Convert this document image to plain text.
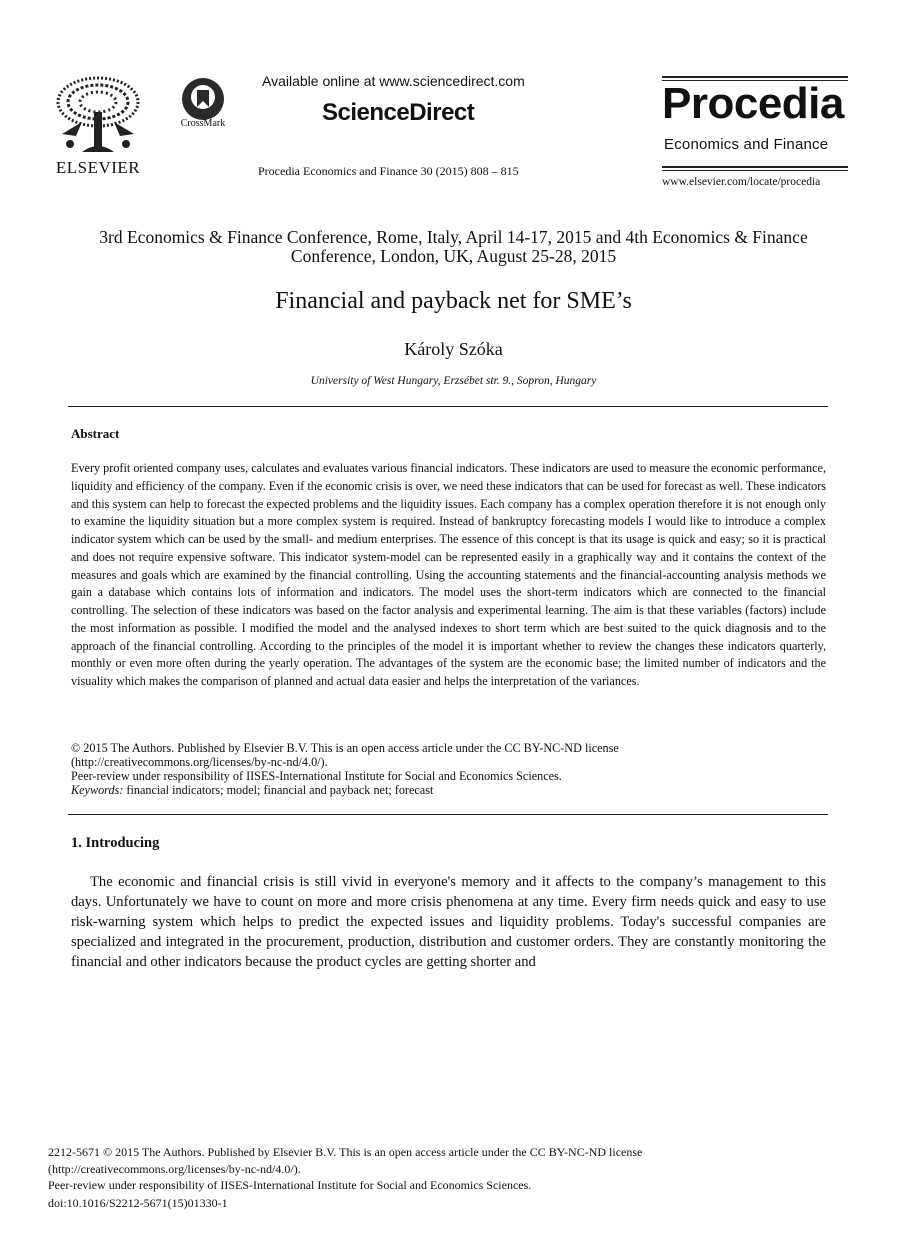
ELSEVIER
CrossMark
Available online at www.sciencedirect.com
ScienceDirect
Procedia Economics and Finance 30 (2015) 808 – 815
Procedia
Economics and Finance
www.elsevier.com/locate/procedia
3rd Economics & Finance Conference, Rome, Italy, April 14-17, 2015 and 4th Economics & Finance Conference, London, UK, August 25-28, 2015
Financial and payback net for SME’s
Károly Szóka
University of West Hungary, Erzsébet str. 9., Sopron, Hungary
Abstract
Every profit oriented company uses, calculates and evaluates various financial indicators. These indicators are used to measure the economic performance, liquidity and efficiency of the company. Even if the economic crisis is over, we need these indicators that can be used for forecast as well. These indicators and this system can help to forecast the expected problems and the liquidity issues. Each company has a complex operation therefore it is not enough only to examine the liquidity situation but a more complex system is required. Instead of bankruptcy forecasting models I would like to introduce a complex indicator system which can be used by the small- and medium enterprises. The essence of this concept is that its usage is quick and easy; so it is practical and does not require expensive software. This indicator system-model can be represented easily in a graphically way and it contains the context of the measures and goals which are examined by the financial controlling. Using the accounting statements and the financial-accounting analysis methods we gain a database which contains lots of information and indicators. The model uses the short-term indicators which are connected to the financial controlling. The selection of these indicators was based on the factor analysis and experimental learning. The aim is that these variables (factors) include the most information as possible. I modified the model and the analysed indexes to short term which are best suited to the quick diagnosis and to the approach of the financial controlling. According to the principles of the model it is important whether to review the changes these indicators quarterly, monthly or even more often during the yearly operation. The advantages of the system are the economic base; the limited number of indicators and the visuality which makes the comparison of planned and actual data easier and helps the interpretation of the variances.
© 2015 The Authors. Published by Elsevier B.V. This is an open access article under the CC BY-NC-ND license
(http://creativecommons.org/licenses/by-nc-nd/4.0/).
Peer-review under responsibility of IISES-International Institute for Social and Economics Sciences.
Keywords: financial indicators; model; financial and payback net; forecast
1. Introducing
The economic and financial crisis is still vivid in everyone's memory and it affects to the company’s management to this days. Unfortunately we have to count on more and more crisis phenomena at any time. Every firm needs quick and easy to use risk-warning system which helps to predict the expected issues and liquidity problems. Today's successful companies are specialized and integrated in the procurement, production, distribution and customer orders. They are constantly monitoring the financial and other indicators because the product cycles are getting shorter and
2212-5671 © 2015 The Authors. Published by Elsevier B.V. This is an open access article under the CC BY-NC-ND license
(http://creativecommons.org/licenses/by-nc-nd/4.0/).
Peer-review under responsibility of IISES-International Institute for Social and Economics Sciences.
doi:10.1016/S2212-5671(15)01330-1
